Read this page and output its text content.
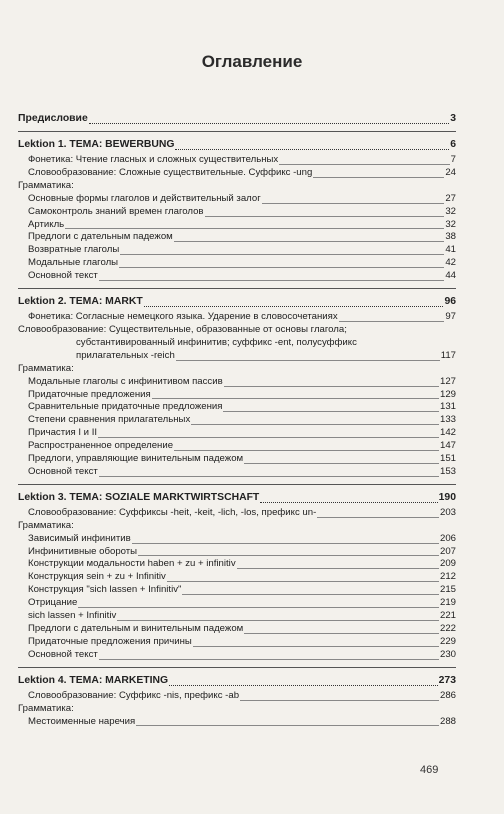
Оглавление
Предисловие	3
Lektion 1. TEMA: BEWERBUNG	6
Фонетика: Чтение гласных и сложных существительных	7
Словообразование: Сложные существительные. Суффикс -ung	24
Грамматика:
Основные формы глаголов и действительный залог	27
Самоконтроль знаний времен глаголов	32
Артикль	32
Предлоги с дательным падежом	38
Возвратные глаголы	41
Модальные глаголы	42
Основной текст	44
Lektion 2. TEMA: MARKT	96
Фонетика: Согласные немецкого языка. Ударение в словосочетаниях	97
Словообразование: Существительные, образованные от основы глагола;
субстантивированный инфинитив; суффикс -ent, полусуффикс
прилагательных -reich	117
Грамматика:
Модальные глаголы с инфинитивом пассив	127
Придаточные предложения	129
Сравнительные придаточные предложения	131
Степени сравнения прилагательных	133
Причастия I и II	142
Распространенное определение	147
Предлоги, управляющие винительным падежом	151
Основной текст	153
Lektion 3. TEMA: SOZIALE MARKTWIRTSCHAFT	190
Словообразование: Суффиксы -heit, -keit, -lich, -los, префикс un-	203
Грамматика:
Зависимый инфинитив	206
Инфинитивные обороты	207
Конструкции модальности haben + zu + infinitiv	209
Конструкция sein + zu + Infinitiv	212
Конструкция "sich lassen + Infinitiv"	215
Отрицание	219
sich lassen + Infinitiv	221
Предлоги с дательным и винительным падежом	222
Придаточные предложения причины	229
Основной текст	230
Lektion 4. TEMA: MARKETING	273
Словообразование: Суффикс -nis, префикс -ab	286
Грамматика:
Местоименные наречия	288
469
